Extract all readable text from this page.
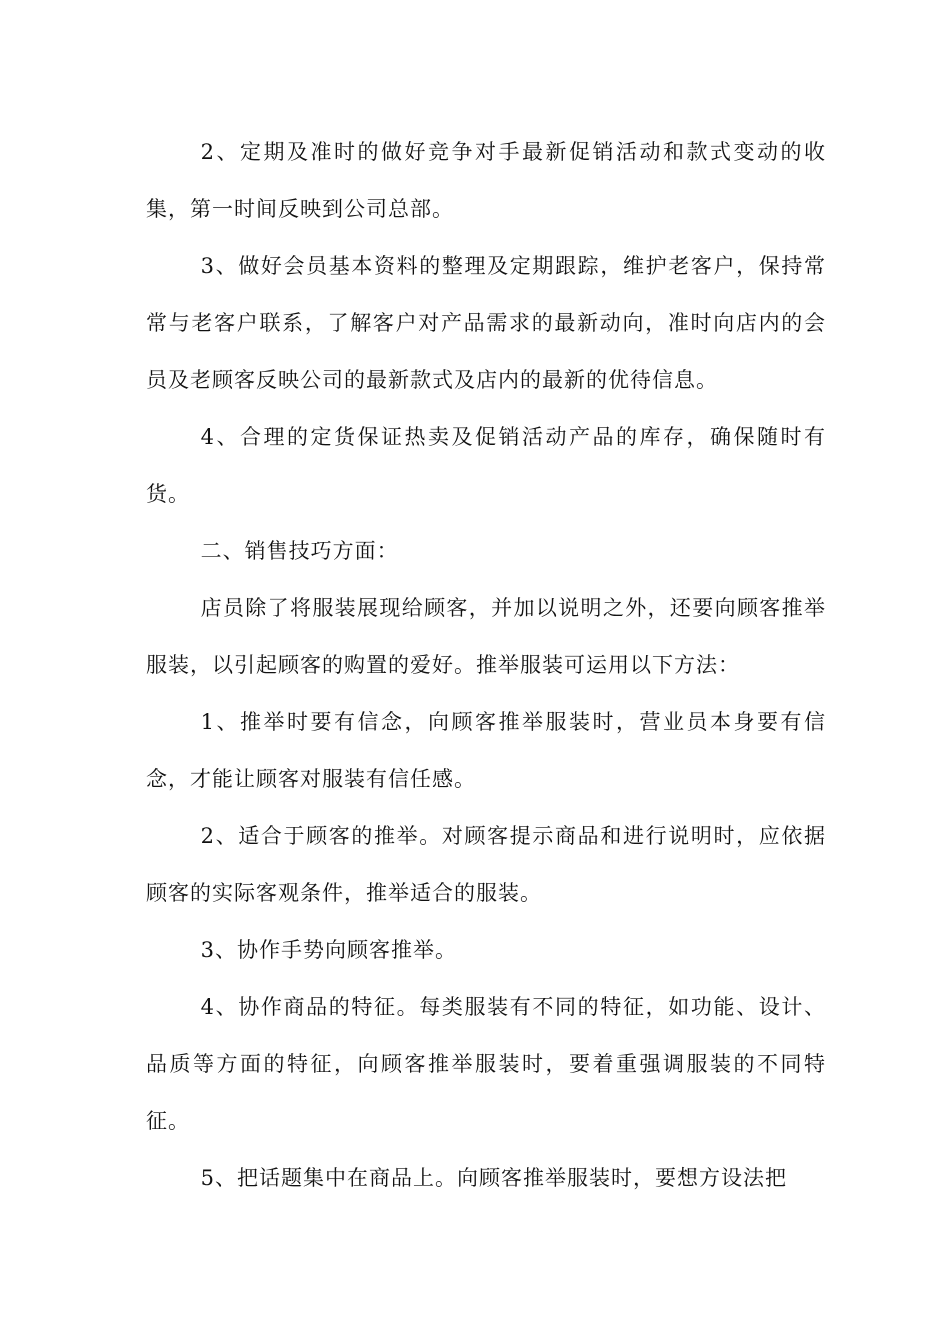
2、定期及准时的做好竞争对手最新促销活动和款式变动的收集，第一时间反映到公司总部。

3、做好会员基本资料的整理及定期跟踪，维护老客户，保持常常与老客户联系，了解客户对产品需求的最新动向，准时向店内的会员及老顾客反映公司的最新款式及店内的最新的优待信息。

4、合理的定货保证热卖及促销活动产品的库存，确保随时有货。

二、销售技巧方面：

店员除了将服装展现给顾客，并加以说明之外，还要向顾客推举服装，以引起顾客的购置的爱好。推举服装可运用以下方法：

1、推举时要有信念，向顾客推举服装时，营业员本身要有信念，才能让顾客对服装有信任感。

2、适合于顾客的推举。对顾客提示商品和进行说明时，应依据顾客的实际客观条件，推举适合的服装。

3、协作手势向顾客推举。

4、协作商品的特征。每类服装有不同的特征，如功能、设计、品质等方面的特征，向顾客推举服装时，要着重强调服装的不同特征。

5、把话题集中在商品上。向顾客推举服装时，要想方设法把
